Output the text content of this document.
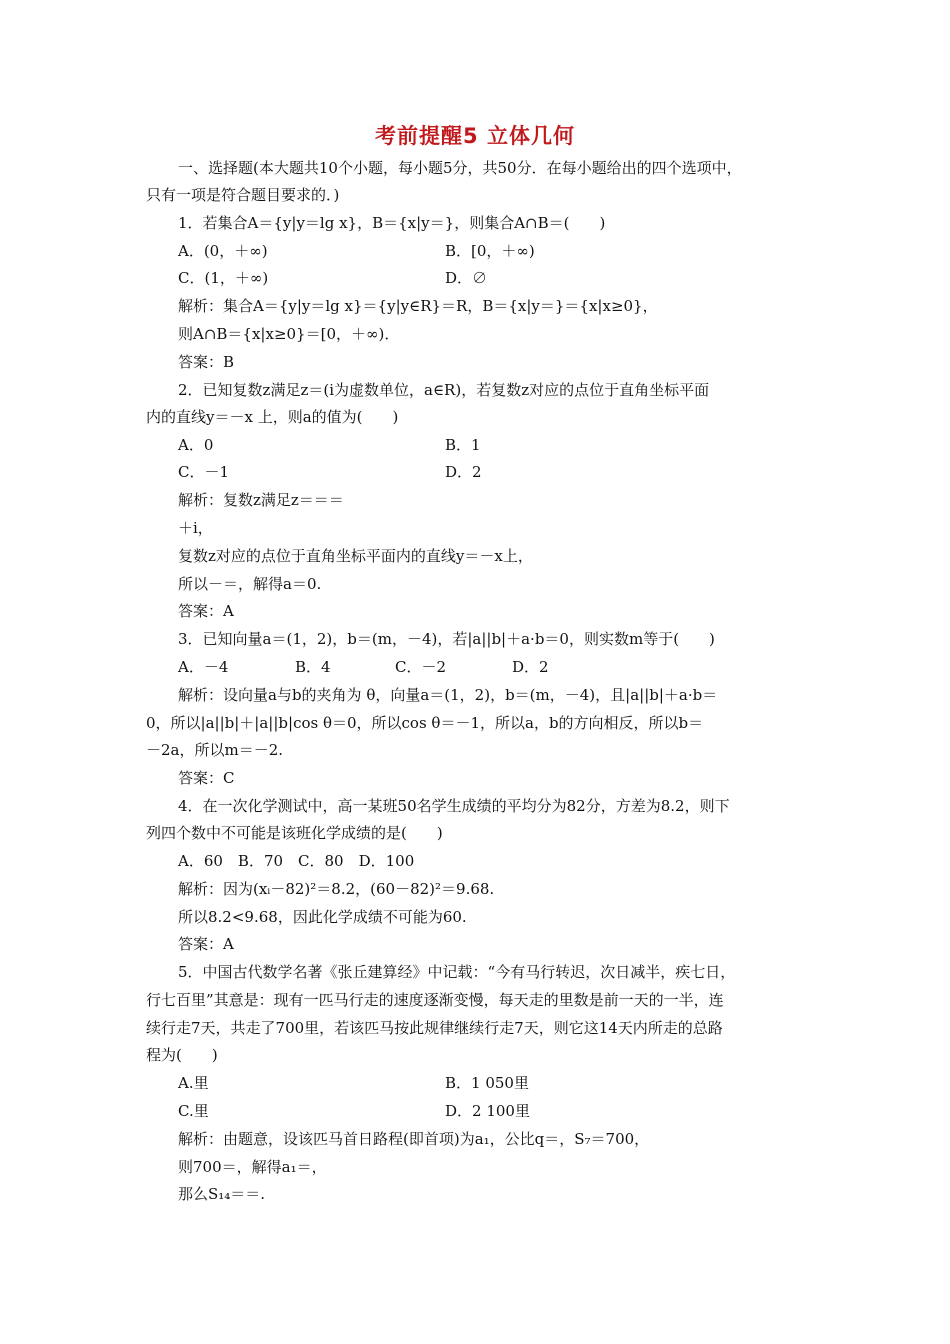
考前提醒5 立体几何
一、选择题(本大题共10个小题，每小题5分，共50分．在每小题给出的四个选项中，
只有一项是符合题目要求的．)
1．若集合A＝{y|y＝lg x}，B＝{x|y＝}，则集合A∩B＝(　　)
A．(0，＋∞)	B．[0，＋∞)
C．(1，＋∞)	D．∅
解析：集合A＝{y|y＝lg x}＝{y|y∈R}＝R，B＝{x|y＝}＝{x|x≥0}，
则A∩B＝{x|x≥0}＝[0，＋∞)．
答案：B
2．已知复数z满足z＝(i为虚数单位，a∈R)，若复数z对应的点位于直角坐标平面
内的直线y＝－x 上，则a的值为(　　)
A．0	B．1
C．－1	D．2
解析：复数z满足z＝＝＝
＋i，
复数z对应的点位于直角坐标平面内的直线y＝－x上，
所以－＝，解得a＝0.
答案：A
3．已知向量a＝(1，2)，b＝(m，－4)，若|a||b|＋a·b＝0，则实数m等于(　　)
A．－4	B．4	C．－2	D．2
解析：设向量a与b的夹角为 θ，向量a＝(1，2)，b＝(m，－4)，且|a||b|＋a·b＝
0，所以|a||b|＋|a||b|cos θ＝0，所以cos θ＝－1，所以a，b的方向相反，所以b＝
－2a，所以m＝－2.
答案：C
4．在一次化学测试中，高一某班50名学生成绩的平均分为82分，方差为8.2，则下
列四个数中不可能是该班化学成绩的是(　　)
A．60　B．70　C．80　D．100
解析：因为(xᵢ－82)²＝8.2，(60－82)²＝9.68.
所以8.2<9.68，因此化学成绩不可能为60.
答案：A
5．中国古代数学名著《张丘建算经》中记载：“今有马行转迟，次日减半，疾七日，
行七百里”其意是：现有一匹马行走的速度逐渐变慢，每天走的里数是前一天的一半，连
续行走7天，共走了700里，若该匹马按此规律继续行走7天，则它这14天内所走的总路
程为(　　)
A.里	B．1 050里
C.里	D．2 100里
解析：由题意，设该匹马首日路程(即首项)为a₁，公比q＝，S₇＝700，
则700＝，解得a₁＝，
那么S₁₄＝＝.
